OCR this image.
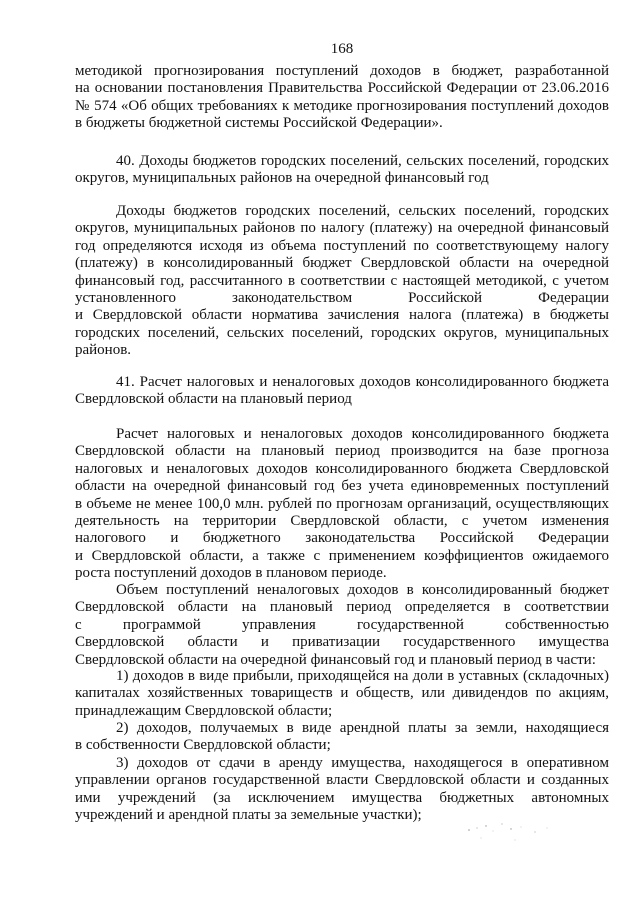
168
методикой прогнозирования поступлений доходов в бюджет, разработанной
на основании постановления Правительства Российской Федерации от 23.06.2016
№ 574 «Об общих требованиях к методике прогнозирования поступлений доходов
в бюджеты бюджетной системы Российской Федерации».
40. Доходы бюджетов городских поселений, сельских поселений, городских
округов, муниципальных районов на очередной финансовый год
Доходы бюджетов городских поселений, сельских поселений, городских
округов, муниципальных районов по налогу (платежу) на очередной финансовый
год определяются исходя из объема поступлений по соответствующему налогу
(платежу) в консолидированный бюджет Свердловской области на очередной
финансовый год, рассчитанного в соответствии с настоящей методикой, с учетом
установленного законодательством Российской Федерации
и Свердловской области норматива зачисления налога (платежа) в бюджеты
городских поселений, сельских поселений, городских округов, муниципальных
районов.
41. Расчет налоговых и неналоговых доходов консолидированного бюджета
Свердловской области на плановый период
Расчет налоговых и неналоговых доходов консолидированного бюджета
Свердловской области на плановый период производится на базе прогноза
налоговых и неналоговых доходов консолидированного бюджета Свердловской
области на очередной финансовый год без учета единовременных поступлений
в объеме не менее 100,0 млн. рублей по прогнозам организаций, осуществляющих
деятельность на территории Свердловской области, с учетом изменения
налогового и бюджетного законодательства Российской Федерации
и Свердловской области, а также с применением коэффициентов ожидаемого
роста поступлений доходов в плановом периоде.
Объем поступлений неналоговых доходов в консолидированный бюджет
Свердловской области на плановый период определяется в соответствии
с программой управления государственной собственностью
Свердловской области и приватизации государственного имущества
Свердловской области на очередной финансовый год и плановый период в части:
1) доходов в виде прибыли, приходящейся на доли в уставных (складочных)
капиталах хозяйственных товариществ и обществ, или дивидендов по акциям,
принадлежащим Свердловской области;
2) доходов, получаемых в виде арендной платы за земли, находящиеся
в собственности Свердловской области;
3) доходов от сдачи в аренду имущества, находящегося в оперативном
управлении органов государственной власти Свердловской области и созданных
ими учреждений (за исключением имущества бюджетных автономных
учреждений и арендной платы за земельные участки);
